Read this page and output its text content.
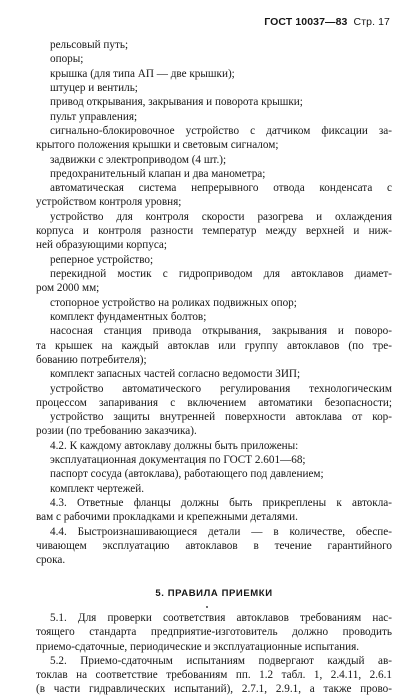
ГОСТ 10037—83 Стр. 17
рельсовый путь;
опоры;
крышка (для типа АП — две крышки);
штуцер и вентиль;
привод открывания, закрывания и поворота крышки;
пульт управления;
сигнально-блокировочное устройство с датчиком фиксации за-
крытого положения крышки и световым сигналом;
задвижки с электроприводом (4 шт.);
предохранительный клапан и два манометра;
автоматическая система непрерывного отвода конденсата с
устройством контроля уровня;
устройство для контроля скорости разогрева и охлаждения
корпуса и контроля разности температур между верхней и ниж-
ней образующими корпуса;
реперное устройство;
перекидной мостик с гидроприводом для автоклавов диамет-
ром 2000 мм;
стопорное устройство на роликах подвижных опор;
комплект фундаментных болтов;
насосная станция привода открывания, закрывания и поворо-
та крышек на каждый автоклав или группу автоклавов (по тре-
бованию потребителя);
комплект запасных частей согласно ведомости ЗИП;
устройство автоматического регулирования технологическим
процессом запаривания с включением автоматики безопасности;
устройство защиты внутренней поверхности автоклава от кор-
розии (по требованию заказчика).
4.2. К каждому автоклаву должны быть приложены:
эксплуатационная документация по ГОСТ 2.601—68;
паспорт сосуда (автоклава), работающего под давлением;
комплект чертежей.
4.3. Ответные фланцы должны быть прикреплены к автокла-
вам с рабочими прокладками и крепежными деталями.
4.4. Быстроизнашивающиеся детали — в количестве, обеспе-
чивающем эксплуатацию автоклавов в течение гарантийного
срока.
5. ПРАВИЛА ПРИЕМКИ
5.1. Для проверки соответствия автоклавов требованиям нас-
тоящего стандарта предприятие-изготовитель должно проводить
приемо-сдаточные, периодические и эксплуатационные испытания.
5.2. Приемо-сдаточным испытаниям подвергают каждый ав-
токлав на соответствие требованиям пп. 1.2 табл. 1, 2.4.11, 2.6.1
(в части гидравлических испытаний), 2.7.1, 2.9.1, а также прово-
